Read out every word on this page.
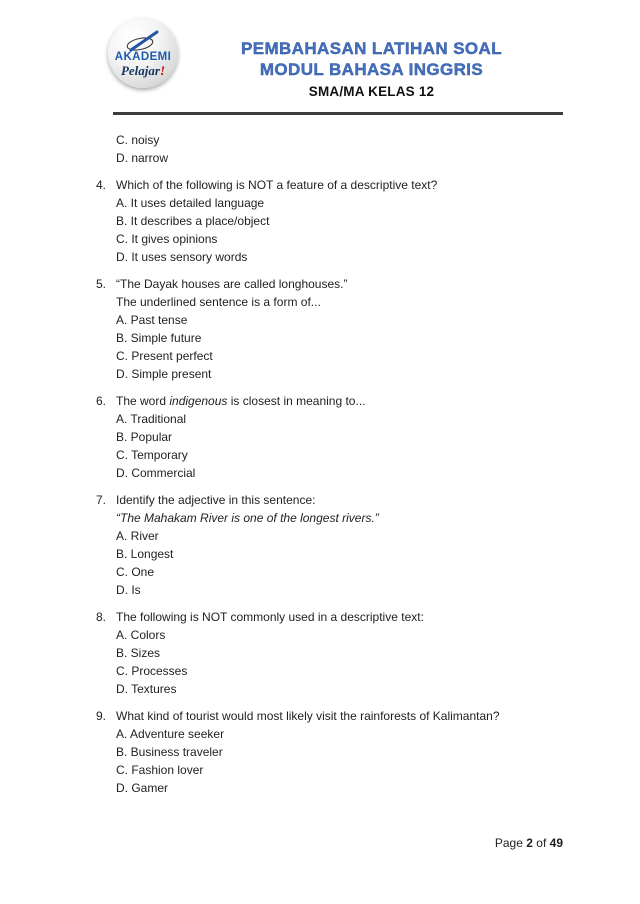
AKADEMI
Pelajar!
PEMBAHASAN LATIHAN SOAL
MODUL BAHASA INGGRIS
SMA/MA KELAS 12

C. noisy

D. narrow

4. Which of the following is NOT a feature of a descriptive text?

A. It uses detailed language

B. It describes a place/object

C. It gives opinions

D. It uses sensory words

5. “The Dayak houses are called longhouses.”

The underlined sentence is a form of...

A. Past tense

B. Simple future

C. Present perfect

D. Simple present

6. The word indigenous is closest in meaning to...

A. Traditional

B. Popular

C. Temporary

D. Commercial

7. Identify the adjective in this sentence:

“The Mahakam River is one of the longest rivers.”

A. River

B. Longest

C. One

D. Is

8. The following is NOT commonly used in a descriptive text:

A. Colors

B. Sizes

C. Processes

D. Textures

9. What kind of tourist would most likely visit the rainforests of Kalimantan?

A. Adventure seeker

B. Business traveler

C. Fashion lover

D. Gamer

Page 2 of 49
